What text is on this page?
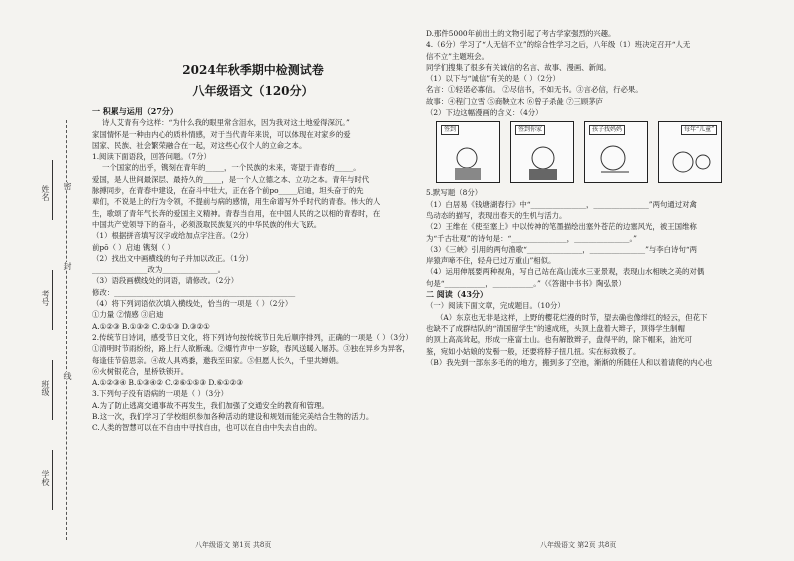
姓名
考号
班级
学校
密
封
线
2024年秋季期中检测试卷
八年级语文（120分）
一 积累与运用（27分）
诗人艾青有今这样：“为什么我的眼里常含泪水，因为我对这土地爱得深沉。”
家国情怀是一种由内心的质朴情感，对于当代青年来说，可以体现在对家乡的爱
国家、民族、社会繁荣融合在一起，对这些心仅个人的立命之本。
1.阅读下面语段，回答问题。（7分）
一个国家的出乎，镌刻在青年的_____，一个民族的未来，寄望于青春的_____。
爱国，是人世间最深层、最持久的_____，是一个人立德之本、立功之本。青年与时代
脉搏同步，在青春中建设，在奋斗中壮大，正在各个前po_____启迪，坦头奋于的先
辈们，不说是上的行为令领，不提前与病的感情，用生命谱写外乎时代的青春。伟大的人
生，歌颂了青年气长奔的爱国主义精神。青春当自用，在中国人民的之以相的青春时，在
中国共产党领导下的奋斗，必须汲取民族复兴的中华民族的伟大飞跃。
（1）根据拼音填写汉字或给加点字注音。（2分）
前pō（ ）启迪 镌刻（ ）
（2）找出文中画横线的句子并加以改正。（1分）
_______________改为_______________。
（3）语段画横线处的词语，请修改。（2分）
修改：_________________________________________________
（4）将下列词语依次填入横线处，恰当的一项是（ ）（2分）
①力量 ②情感 ③启迪
A.①②③ B.①③② C.②①③ D.③②①
2.传统节日诗词，感受节日文化，将下列诗句按传统节日先后顺序排列，正确的一项是（ ）（3分）
①清明时节雨纷纷，路上行人欲断魂。②爆竹声中一岁除，春风送暖入屠苏。③独在异乡为异客，
每逢佳节倍思亲。④故人具鸡黍，邀我至田家。⑤但愿人长久，千里共婵娟。
⑥火树银花合，星桥铁锁开。
A.①②③④ B.①③④② C.②⑥①⑤③ D.⑥①②③
3.下列句子没有语病的一项是（ ）（3分）
A.为了防止逃离交通事故不再发生，我们加强了交通安全的教育和管理。
B.这一次，我们学习了学校组织参加各种活动的建设和规划而能完美结合生物的活力。
C.人类的智慧可以在不自由中寻找自由，也可以在自由中失去自由的。
八年级语文 第1页 共8页
D.那件5000年前出土的文物引起了考古学家强烈的兴趣。
4.（6分）学习了“人无信不立”的综合性学习之后，八年级（1）班决定召开“人无
信不立”主题班会。
同学们搜集了很多有关诚信的名言、故事、漫画、新闻。
（1）以下与“诚信”有关的是（ ）（2分）
名言：①轻诺必寡信。 ②尽信书，不如无书。③言必信，行必果。
故事：④程门立雪 ⑤商鞅立木 ⑥曾子杀彘 ⑦三顾茅庐
（2）下边这幅漫画的含义：（4分）
签到	签到你家	孩子找妈妈	每年“儿童”
5.默写题（8分）
（1）白居易《钱塘湖春行》中“_______________，_______________”两句通过对禽
鸟动态的描写，表现出春天的生机与活力。
（2）王维在《使至塞上》中以传神的笔墨描绘出塞外苍茫的边塞风光，被王国维称
为“千古壮观”的诗句是：“_______________，_______________。”
（3）《三峡》引用的两句渔歌“_______________，_______________”与李白诗句“两
岸猿声啼不住，轻舟已过万重山”相似。
（4）运用伸展要两种视角，写自己站在高山流水三亚景观，表现山水相映之美的对偶
句是“___________，___________。”（《答谢中书书》陶弘景）
二 阅读（43分）
（一）阅读下面文章，完成题目。（10分）
（A）东京也无非是这样，上野的樱花烂漫的时节，望去确也像绯红的轻云，但花下
也缺不了成群结队的“清国留学生”的速成班，头顶上盘着大辫子，顶得学生制帽
的顶上高高耸起，形成一座富士山。也有解散辫子，盘得平的，除下帽来，油光可
鉴，宛如小姑娘的发髻一般，还要将脖子扭几扭。实在标致极了。
（B）我先到一部东多毛的的地方，搬到多了空池，渐渐的所随任人和以着请爬的内心也
八年级语文 第2页 共8页
